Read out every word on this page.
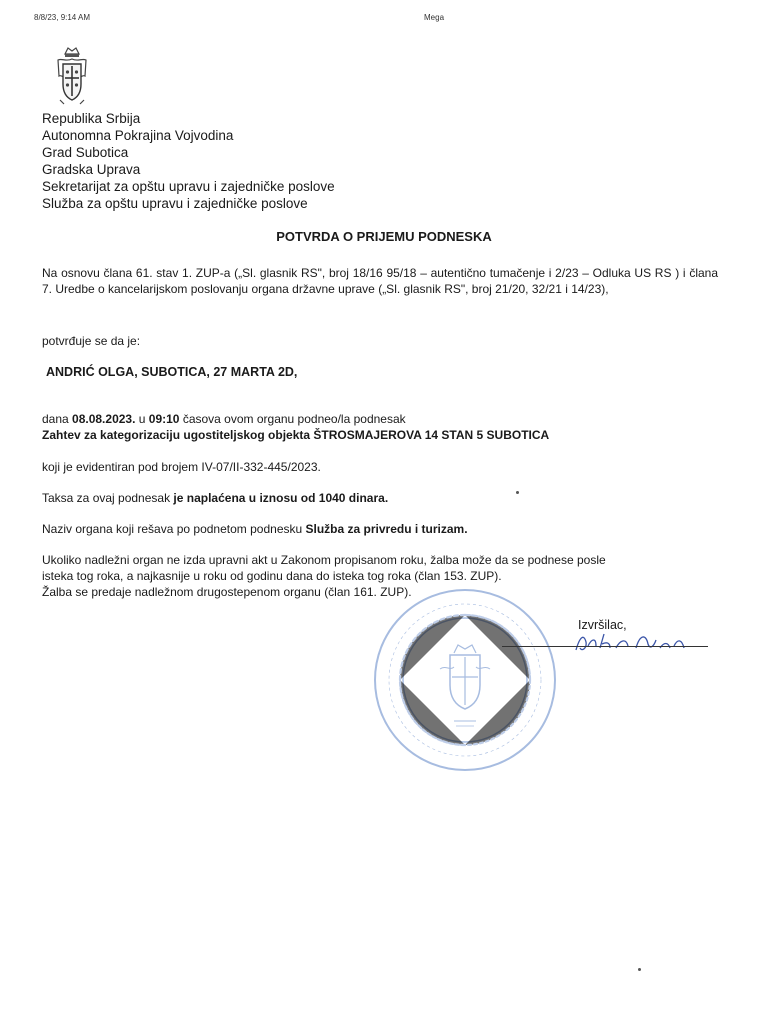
8/8/23, 9:14 AM	Mega
Republika Srbija
Autonomna Pokrajina Vojvodina
Grad Subotica
Gradska Uprava
Sekretarijat za opštu upravu i zajedničke poslove
Služba za opštu upravu i zajedničke poslove
POTVRDA O PRIJEMU PODNESKA
Na osnovu člana 61. stav 1. ZUP-a („Sl. glasnik RS", broj 18/16 95/18 – autentično tumačenje i 2/23 – Odluka US RS ) i člana 7. Uredbe o kancelarijskom poslovanju organa državne uprave („Sl. glasnik RS", broj 21/20, 32/21 i 14/23),
potvrđuje se da je:
ANDRIĆ OLGA, SUBOTICA, 27 MARTA 2D,
dana 08.08.2023. u 09:10 časova ovom organu podneo/la podnesak
Zahtev za kategorizaciju ugostiteljskog objekta ŠTROSMAJEROVA 14 STAN 5 SUBOTICA
koji je evidentiran pod brojem IV-07/II-332-445/2023.
Taksa za ovaj podnesak je naplaćena u iznosu od 1040 dinara.
Naziv organa koji rešava po podnetom podnesku Služba za privredu i turizam.
Ukoliko nadležni organ ne izda upravni akt u Zakonom propisanom roku, žalba može da se podnese posle
isteka tog roka, a najkasnije u roku od godinu dana do isteka tog roka (član 153. ZUP).
Žalba se predaje nadležnom drugostepenom organu (član 161. ZUP).
Izvršilac,
